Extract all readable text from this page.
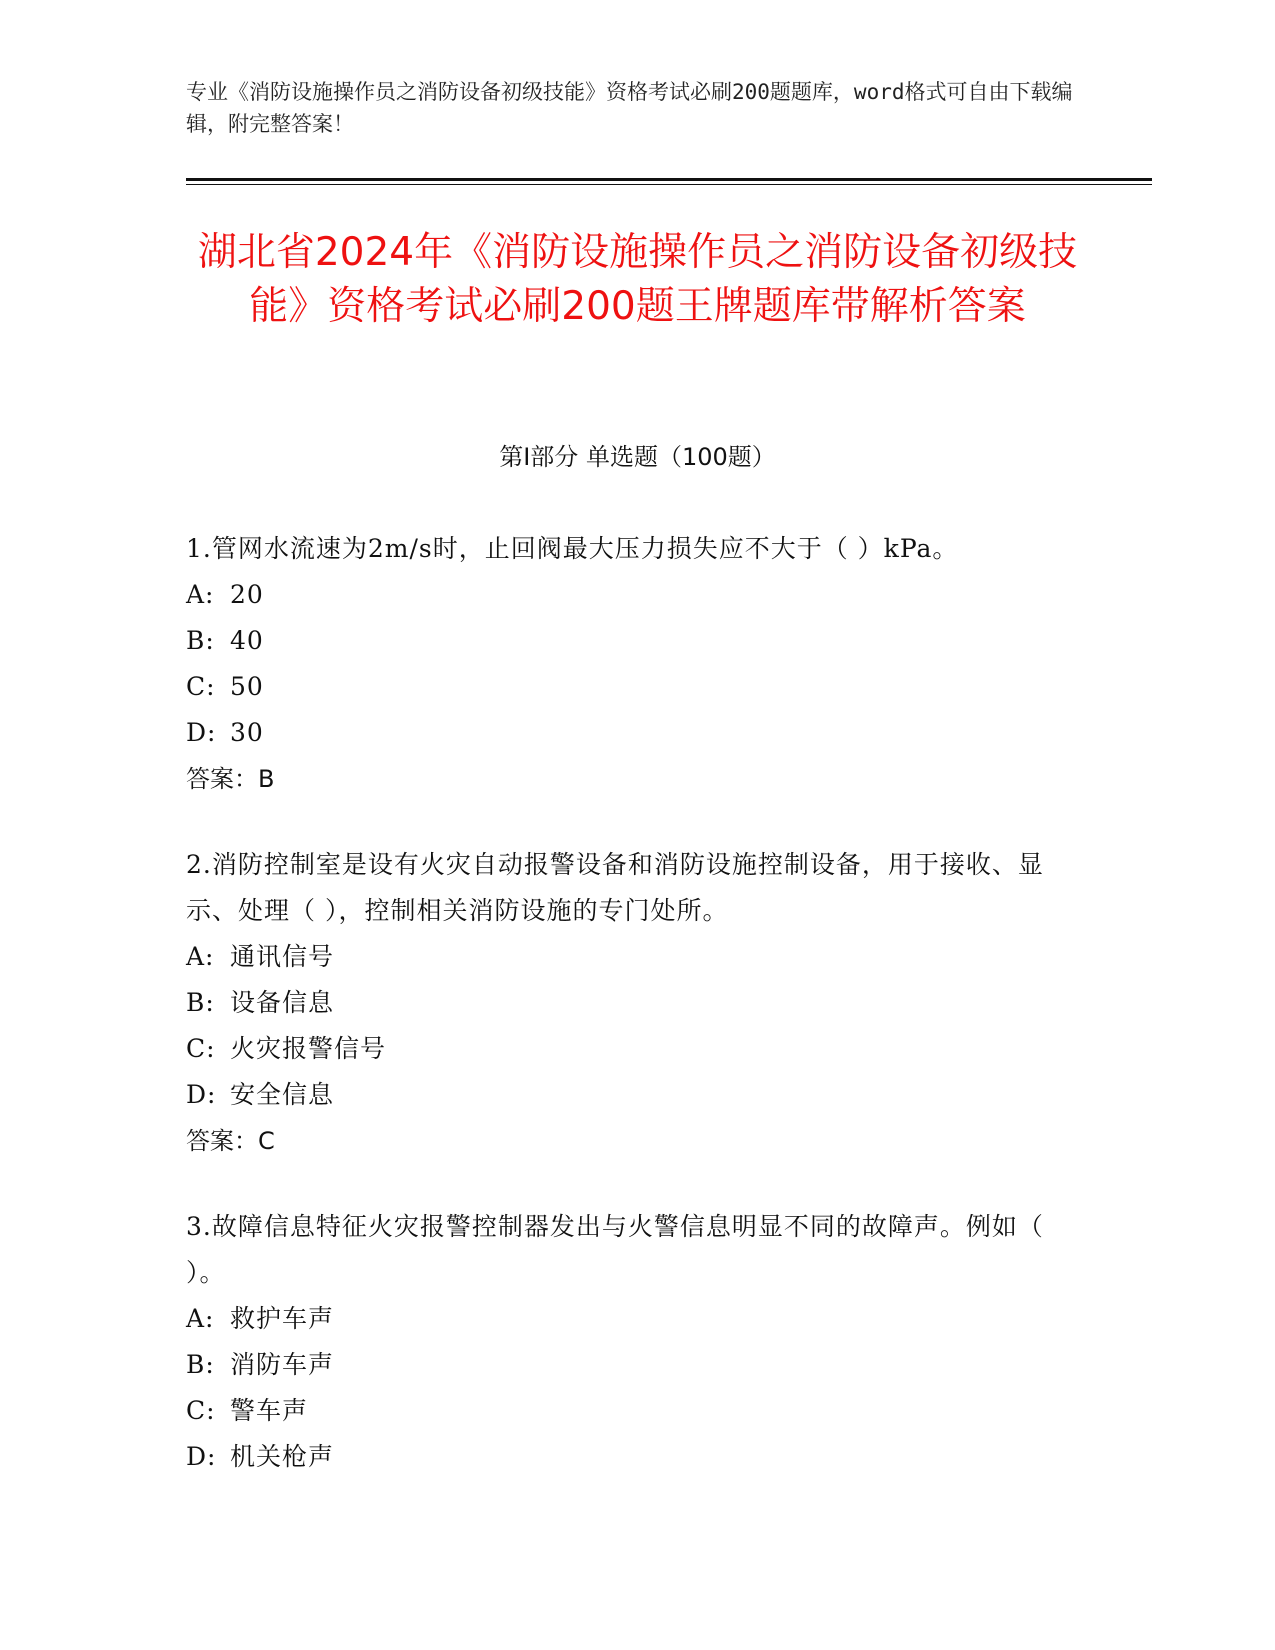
专业《消防设施操作员之消防设备初级技能》资格考试必刷200题题库，word格式可自由下载编辑，附完整答案！
湖北省2024年《消防设施操作员之消防设备初级技能》资格考试必刷200题王牌题库带解析答案
第Ⅰ部分 单选题（100题）
1.管网水流速为2m/s时，止回阀最大压力损失应不大于（ ）kPa。
A: 20
B: 40
C: 50
D: 30
答案：B
2.消防控制室是设有火灾自动报警设备和消防设施控制设备，用于接收、显示、处理（ ），控制相关消防设施的专门处所。
A: 通讯信号
B: 设备信息
C: 火灾报警信号
D: 安全信息
答案：C
3.故障信息特征火灾报警控制器发出与火警信息明显不同的故障声。例如（ ）。
A: 救护车声
B: 消防车声
C: 警车声
D: 机关枪声
